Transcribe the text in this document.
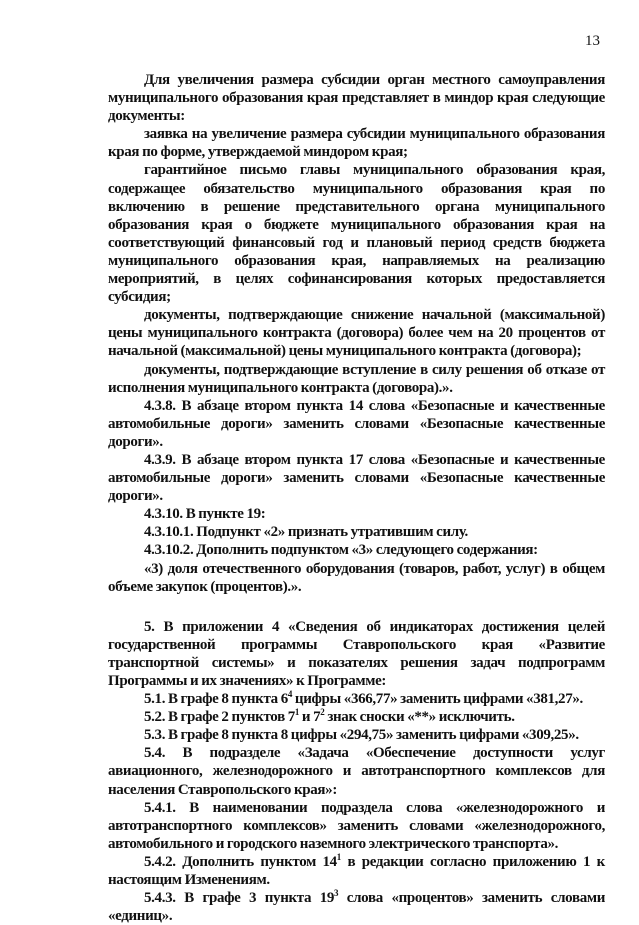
13

Для увеличения размера субсидии орган местного самоуправления муниципального образования края представляет в миндор края следующие документы:

заявка на увеличение размера субсидии муниципального образования края по форме, утверждаемой миндором края;

гарантийное письмо главы муниципального образования края, содержащее обязательство муниципального образования края по включению в решение представительного органа муниципального образования края о бюджете муниципального образования края на соответствующий финансовый год и плановый период средств бюджета муниципального образования края, направляемых на реализацию мероприятий, в целях софинансирования которых предоставляется субсидия;

документы, подтверждающие снижение начальной (максимальной) цены муниципального контракта (договора) более чем на 20 процентов от начальной (максимальной) цены муниципального контракта (договора);

документы, подтверждающие вступление в силу решения об отказе от исполнения муниципального контракта (договора).».

4.3.8. В абзаце втором пункта 14 слова «Безопасные и качественные автомобильные дороги» заменить словами «Безопасные качественные дороги».

4.3.9. В абзаце втором пункта 17 слова «Безопасные и качественные автомобильные дороги» заменить словами «Безопасные качественные дороги».

4.3.10. В пункте 19:

4.3.10.1. Подпункт «2» признать утратившим силу.

4.3.10.2. Дополнить подпунктом «3» следующего содержания:

«3) доля отечественного оборудования (товаров, работ, услуг) в общем объеме закупок (процентов).».

5. В приложении 4 «Сведения об индикаторах достижения целей государственной программы Ставропольского края «Развитие транспортной системы» и показателях решения задач подпрограмм Программы и их значениях» к Программе:

5.1. В графе 8 пункта $6^4$ цифры «366,77» заменить цифрами «381,27».

5.2. В графе 2 пунктов $7^1$ и $7^2$ знак сноски «**» исключить.

5.3. В графе 8 пункта 8 цифры «294,75» заменить цифрами «309,25».

5.4. В подразделе «Задача «Обеспечение доступности услуг авиационного, железнодорожного и автотранспортного комплексов для населения Ставропольского края»:

5.4.1. В наименовании подраздела слова «железнодорожного и автотранспортного комплексов» заменить словами «железнодорожного, автомобильного и городского наземного электрического транспорта».

5.4.2. Дополнить пунктом $14^1$ в редакции согласно приложению 1 к настоящим Изменениям.

5.4.3. В графе 3 пункта $19^3$ слова «процентов» заменить словами «единиц».
